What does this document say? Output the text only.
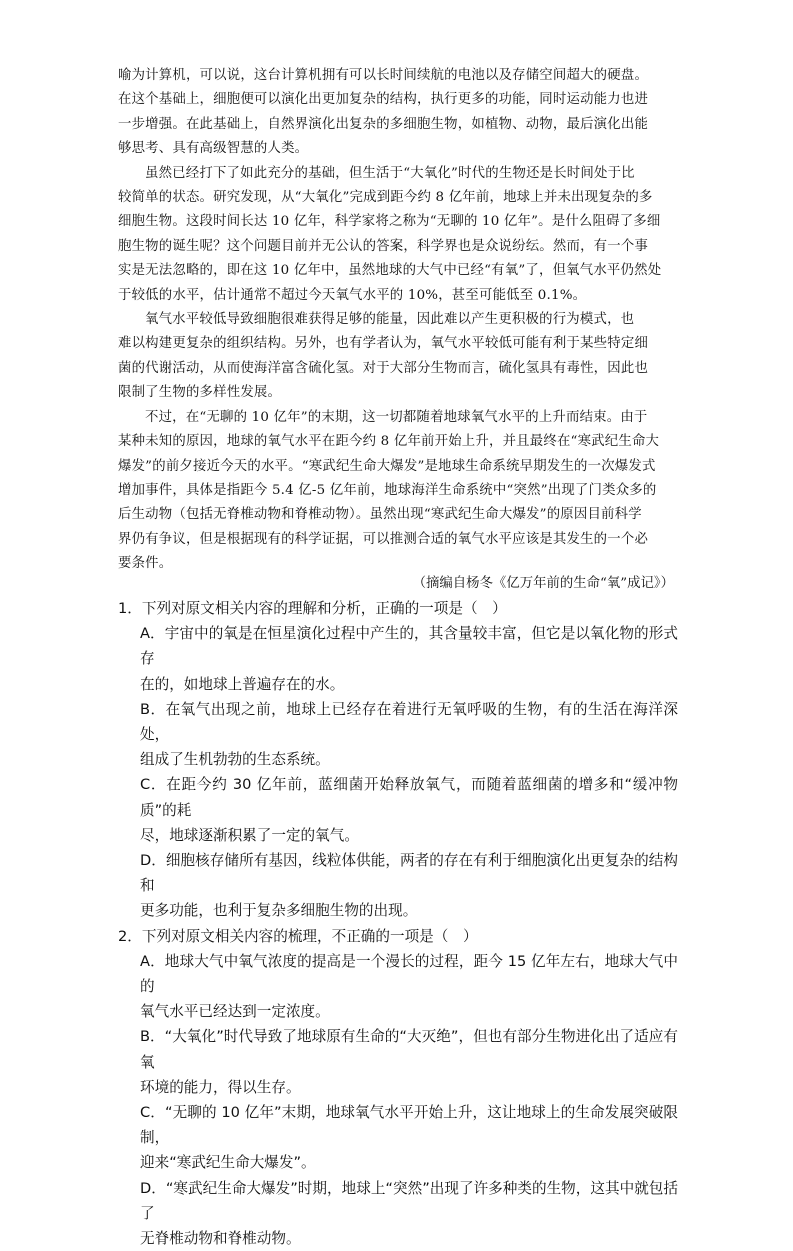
喻为计算机，可以说，这台计算机拥有可以长时间续航的电池以及存储空间超大的硬盘。
在这个基础上，细胞便可以演化出更加复杂的结构，执行更多的功能，同时运动能力也进
一步增强。在此基础上，自然界演化出复杂的多细胞生物，如植物、动物，最后演化出能
够思考、具有高级智慧的人类。

虽然已经打下了如此充分的基础，但生活于“大氧化”时代的生物还是长时间处于比
较简单的状态。研究发现，从“大氧化”完成到距今约 8 亿年前，地球上并未出现复杂的多
细胞生物。这段时间长达 10 亿年，科学家将之称为“无聊的 10 亿年”。是什么阻碍了多细
胞生物的诞生呢？这个问题目前并无公认的答案，科学界也是众说纷纭。然而，有一个事
实是无法忽略的，即在这 10 亿年中，虽然地球的大气中已经“有氧”了，但氧气水平仍然处
于较低的水平，估计通常不超过今天氧气水平的 10%，甚至可能低至 0.1%。

氧气水平较低导致细胞很难获得足够的能量，因此难以产生更积极的行为模式，也
难以构建更复杂的组织结构。另外，也有学者认为，氧气水平较低可能有利于某些特定细
菌的代谢活动，从而使海洋富含硫化氢。对于大部分生物而言，硫化氢具有毒性，因此也
限制了生物的多样性发展。

不过，在“无聊的 10 亿年”的末期，这一切都随着地球氧气水平的上升而结束。由于
某种未知的原因，地球的氧气水平在距今约 8 亿年前开始上升，并且最终在“寒武纪生命大
爆发”的前夕接近今天的水平。“寒武纪生命大爆发”是地球生命系统早期发生的一次爆发式
增加事件，具体是指距今 5.4 亿-5 亿年前，地球海洋生命系统中“突然”出现了门类众多的
后生动物（包括无脊椎动物和脊椎动物）。虽然出现“寒武纪生命大爆发”的原因目前科学
界仍有争议，但是根据现有的科学证据，可以推测合适的氧气水平应该是其发生的一个必
要条件。

（摘编自杨冬《亿万年前的生命“氧”成记》）

1．下列对原文相关内容的理解和分析，正确的一项是（　）

A．宇宙中的氧是在恒星演化过程中产生的，其含量较丰富，但它是以氧化物的形式存
在的，如地球上普遍存在的水。

B．在氧气出现之前，地球上已经存在着进行无氧呼吸的生物，有的生活在海洋深处，
组成了生机勃勃的生态系统。

C．在距今约 30 亿年前，蓝细菌开始释放氧气，而随着蓝细菌的增多和“缓冲物质”的耗
尽，地球逐渐积累了一定的氧气。

D．细胞核存储所有基因，线粒体供能，两者的存在有利于细胞演化出更复杂的结构和
更多功能，也利于复杂多细胞生物的出现。

2．下列对原文相关内容的梳理，不正确的一项是（　）

A．地球大气中氧气浓度的提高是一个漫长的过程，距今 15 亿年左右，地球大气中的
氧气水平已经达到一定浓度。

B．“大氧化”时代导致了地球原有生命的“大灭绝”，但也有部分生物进化出了适应有氧
环境的能力，得以生存。

C．“无聊的 10 亿年”末期，地球氧气水平开始上升，这让地球上的生命发展突破限制，
迎来“寒武纪生命大爆发”。

D．“寒武纪生命大爆发”时期，地球上“突然”出现了许多种类的生物，这其中就包括了
无脊椎动物和脊椎动物。
